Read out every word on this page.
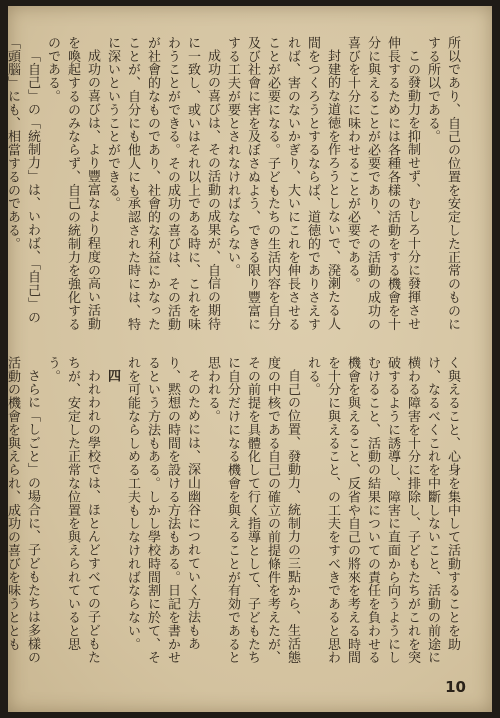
所以であり、自己の位置を安定した正常のものにする所以である。

この發動力を抑制せず、むしろ十分に發揮させ伸長するためには各種各樣の活動をする機會を十分に與えることが必要であり、その活動の成功の喜びを十分に味わせることが必要である。

封建的な道徳を作ろうとしないで、溌溂たる人間をつくろうとするならば、道徳的でありさえすれば、害のないかぎり、大いにこれを伸長させることが必要になる。子どもたちの生活内容を自分及び社會に害を及ぼさぬよう、できる限り豐富にする工夫が要とされなければならない。

成功の喜びは、その活動の成果が、自信の期待に一致し、或いはそれ以上である時に、これを味わうことができる。その成功の喜びは、その活動が社會的なものであり、社會的な利益にかなったことが、自分にも他人にも承認された時には、特に深いということができる。

成功の喜びは、より豐富なより程度の高い活動を喚起するのみならず、自己の統制力を強化するのである。

「自己」の「統制力」は、いわば、「自己」の「頭腦」にも、相當するのである。

く與えること、心身を集中して活動することを助け、なるべくこれを中斷しないこと、活動の前途に横わる障害を十分に排除し、子どもたちがこれを突破するように誘導し、障害に直面から向うようにしむけること、活動の結果についての責任を負わせる機會を與えること、反省や自己の將來を考える時間を十分に與えること、の工夫をすべきであると思われる。

自己の位置、發動力、統制力の三點から、生活態度の中核である自己の確立の前提條件を考えたが、その前提を具體化して行く指導として、子どもたちに自分だけになる機會を與えることが有効であると思われる。

そのためには、深山幽谷につれていく方法もあり、黙想の時間を設ける方法もある。日記を書かせるという方法もある。しかし學校時間割に於て、それを可能ならしめる工夫もしなければならない。

四

われわれの學校では、ほとんどすべての子どもたちが、安定した正常な位置を與えられていると思う。

さらに「しごと」の場合に、子どもたちは多樣の活動の機會を與えられ、成功の喜びを味うととも

10
